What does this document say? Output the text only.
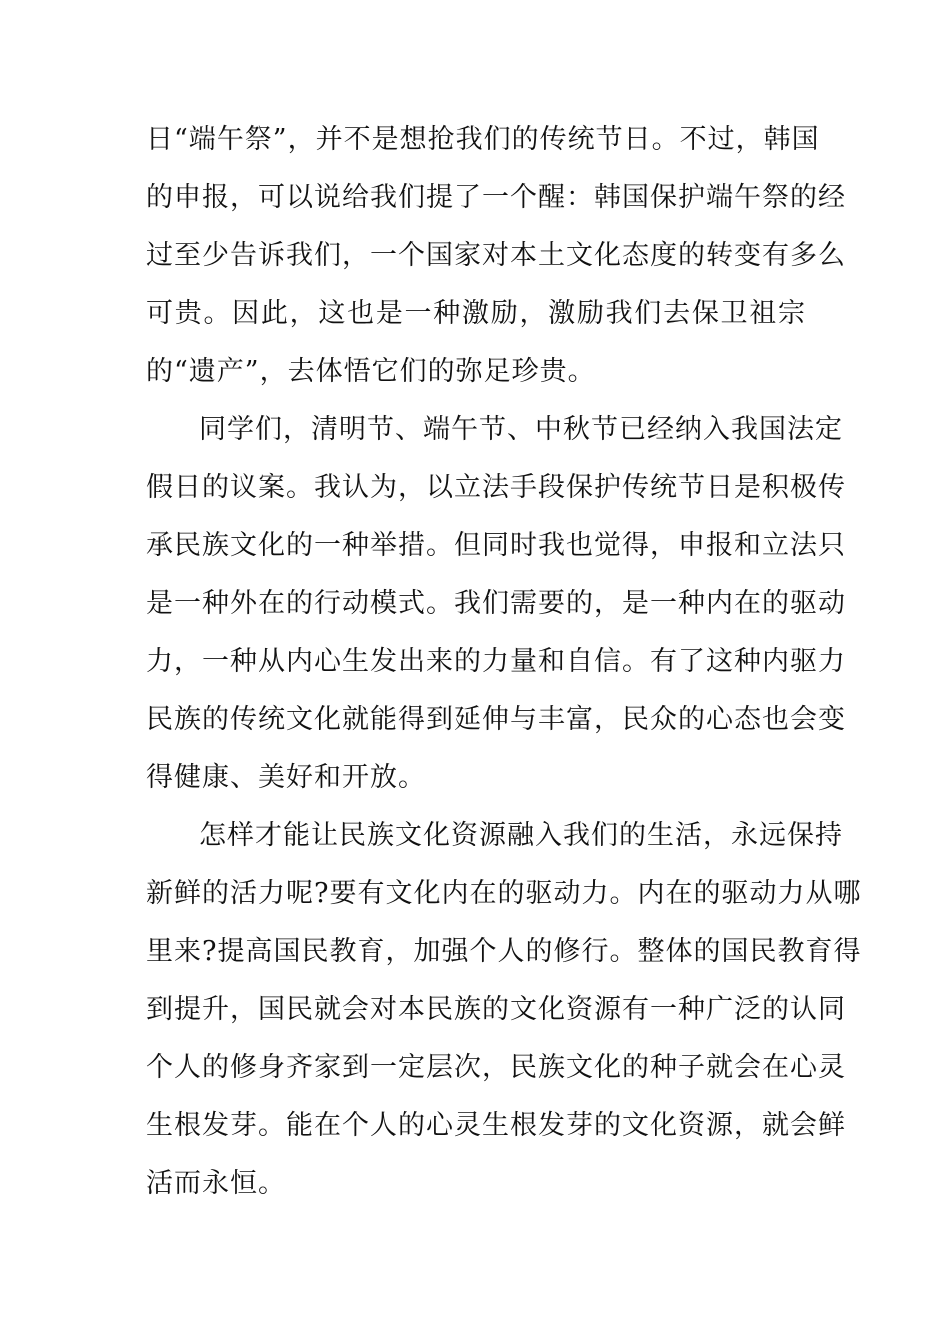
日“端午祭”，并不是想抢我们的传统节日。不过，韩国
的申报，可以说给我们提了一个醒：韩国保护端午祭的经
过至少告诉我们，一个国家对本土文化态度的转变有多么
可贵。因此，这也是一种激励，激励我们去保卫祖宗
的“遗产”，去体悟它们的弥足珍贵。
同学们，清明节、端午节、中秋节已经纳入我国法定
假日的议案。我认为，以立法手段保护传统节日是积极传
承民族文化的一种举措。但同时我也觉得，申报和立法只
是一种外在的行动模式。我们需要的，是一种内在的驱动
力，一种从内心生发出来的力量和自信。有了这种内驱力
民族的传统文化就能得到延伸与丰富，民众的心态也会变
得健康、美好和开放。
怎样才能让民族文化资源融入我们的生活，永远保持
新鲜的活力呢?要有文化内在的驱动力。内在的驱动力从哪
里来?提高国民教育，加强个人的修行。整体的国民教育得
到提升，国民就会对本民族的文化资源有一种广泛的认同
个人的修身齐家到一定层次，民族文化的种子就会在心灵
生根发芽。能在个人的心灵生根发芽的文化资源，就会鲜
活而永恒。
